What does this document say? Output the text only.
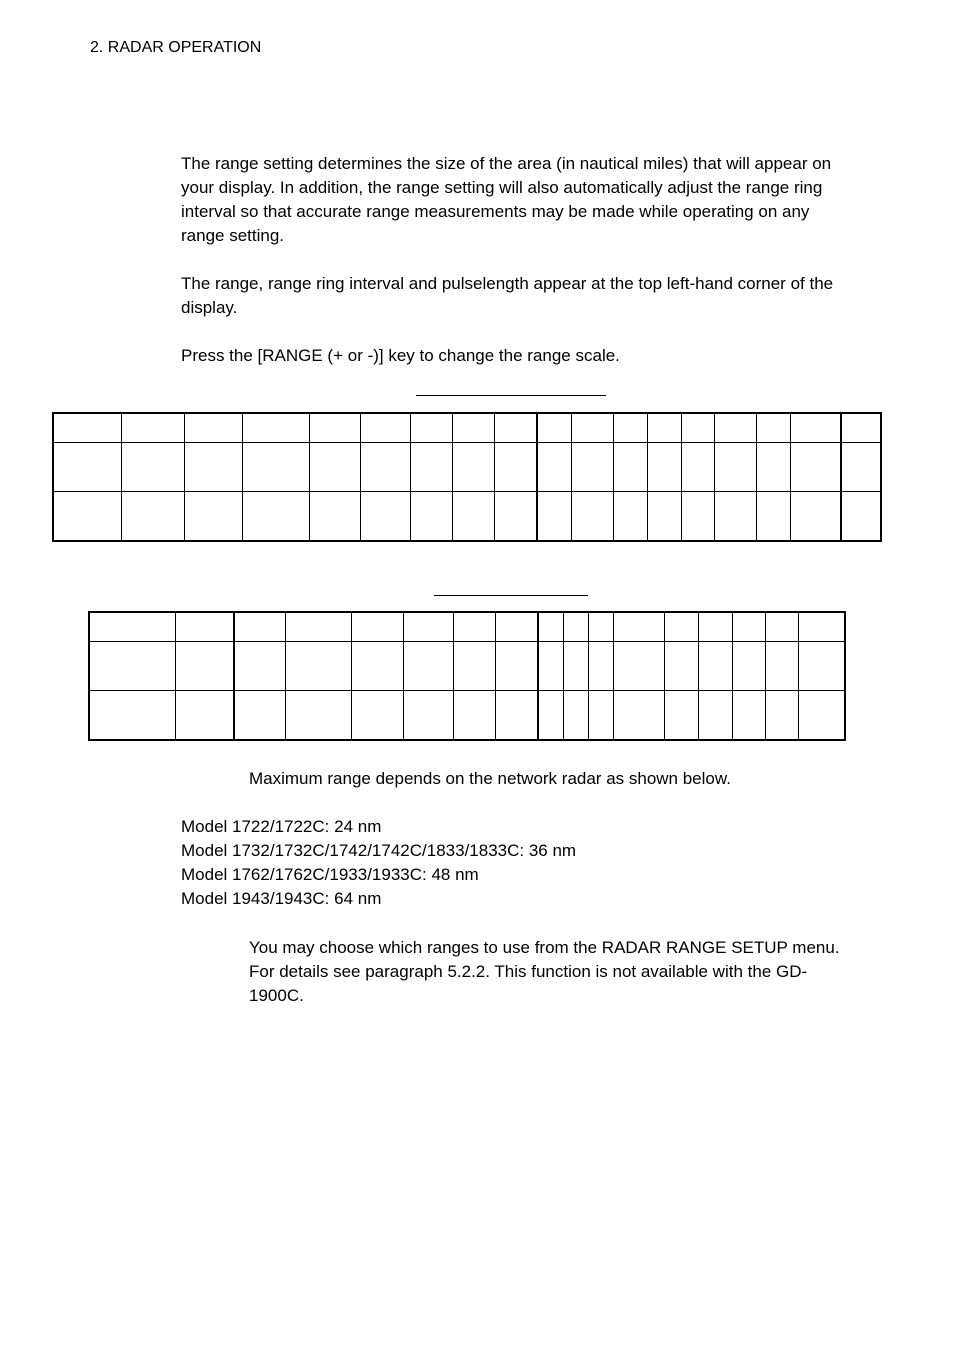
2. RADAR OPERATION
The range setting determines the size of the area (in nautical miles) that will appear on your display. In addition, the range setting will also automatically adjust the range ring interval so that accurate range measurements may be made while operating on any range setting.
The range, range ring interval and pulselength appear at the top left-hand corner of the display.
Press the [RANGE (+ or -)] key to change the range scale.

Maximum range depends on the network radar as shown below.
Model 1722/1722C: 24 nm
Model 1732/1732C/1742/1742C/1833/1833C: 36 nm
Model 1762/1762C/1933/1933C: 48 nm
Model 1943/1943C: 64 nm
You may choose which ranges to use from the RADAR RANGE SETUP menu. For details see paragraph 5.2.2. This function is not available with the GD-1900C.
